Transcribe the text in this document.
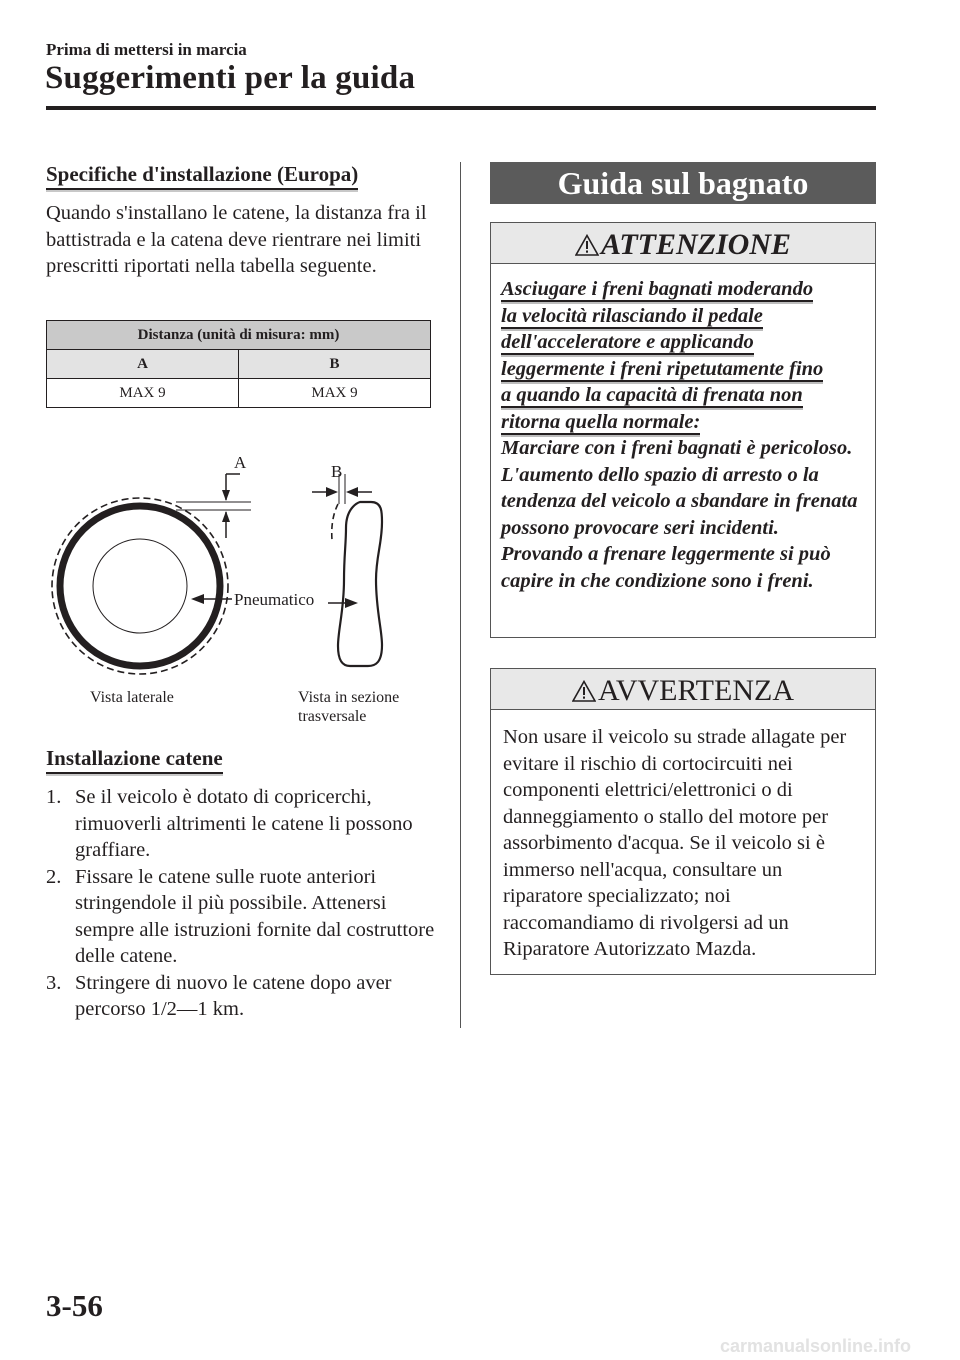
Prima di mettersi in marcia
Suggerimenti per la guida
Specifiche d'installazione (Europa)
Quando s'installano le catene, la distanza fra il battistrada e la catena deve rientrare nei limiti prescritti riportati nella tabella seguente.
Distanza (unità di misura: mm)	
A	B
MAX 9	MAX 9
A
Pneumatico
B
Vista laterale	Vista in sezione
trasversale
Installazione catene
1. Se il veicolo è dotato di copricerchi, rimuoverli altrimenti le catene li possono graffiare.
2. Fissare le catene sulle ruote anteriori stringendole il più possibile. Attenersi sempre alle istruzioni fornite dal costruttore delle catene.
3. Stringere di nuovo le catene dopo aver percorso 1/2―1 km.
Guida sul bagnato
ATTENZIONE
Asciugare i freni bagnati moderando
la velocità rilasciando il pedale
dell'acceleratore e applicando
leggermente i freni ripetutamente fino
a quando la capacità di frenata non
ritorna quella normale:
Marciare con i freni bagnati è pericoloso. L'aumento dello spazio di arresto o la tendenza del veicolo a sbandare in frenata possono provocare seri incidenti. Provando a frenare leggermente si può capire in che condizione sono i freni.
AVVERTENZA
Non usare il veicolo su strade allagate per evitare il rischio di cortocircuiti nei componenti elettrici/elettronici o di danneggiamento o stallo del motore per assorbimento d'acqua. Se il veicolo si è immerso nell'acqua, consultare un riparatore specializzato; noi raccomandiamo di rivolgersi ad un Riparatore Autorizzato Mazda.
3-56
carmanualsonline.info
